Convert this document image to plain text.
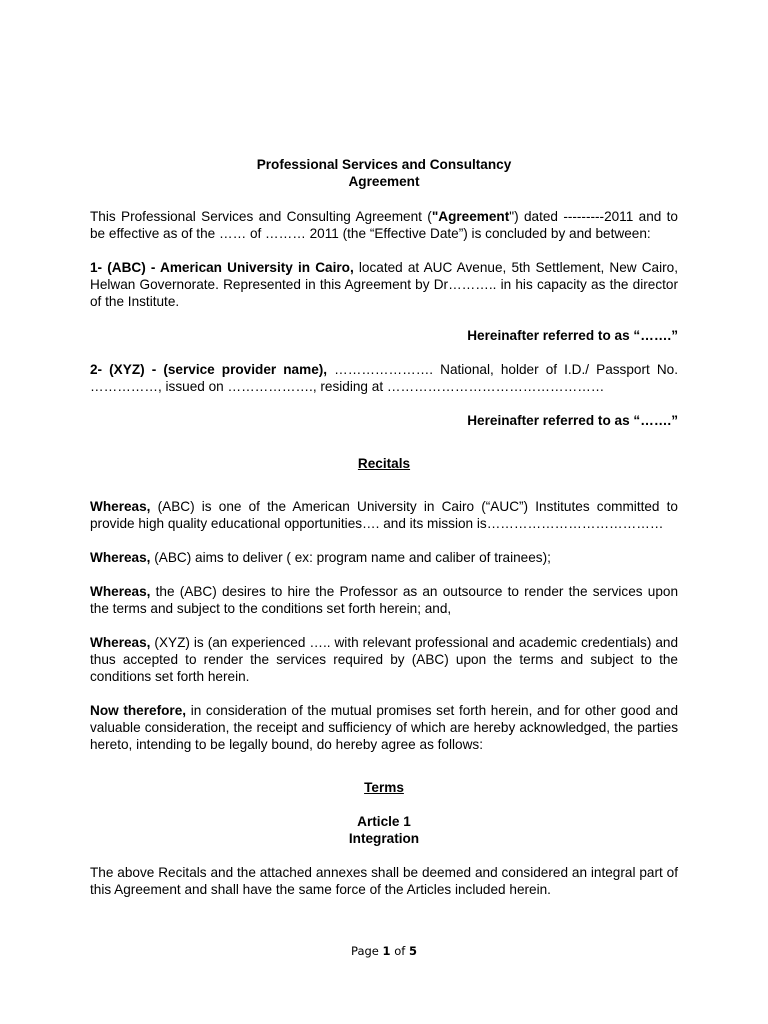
Professional Services and Consultancy
Agreement

This Professional Services and Consulting Agreement ("Agreement") dated ---------2011 and to be effective as of the …… of ……… 2011 (the “Effective Date”) is concluded by and between:

1- (ABC) - American University in Cairo, located at AUC Avenue, 5th Settlement, New Cairo, Helwan Governorate. Represented in this Agreement by Dr……….. in his capacity as the director of the Institute.

Hereinafter referred to as “…….”

2- (XYZ) - (service provider name), …………………. National, holder of I.D./ Passport No. ……………, issued on ………………., residing at …………………………………………

Hereinafter referred to as “…….”

Recitals

Whereas, (ABC) is one of the American University in Cairo (“AUC”) Institutes committed to provide high quality educational opportunities…. and its mission is…………………………………

Whereas, (ABC) aims to deliver ( ex: program name and caliber of trainees);

Whereas, the (ABC) desires to hire the Professor as an outsource to render the services upon the terms and subject to the conditions set forth herein; and,

Whereas, (XYZ) is (an experienced ….. with relevant professional and academic credentials) and thus accepted to render the services required by (ABC) upon the terms and subject to the conditions set forth herein.

Now therefore, in consideration of the mutual promises set forth herein, and for other good and valuable consideration, the receipt and sufficiency of which are hereby acknowledged, the parties hereto, intending to be legally bound, do hereby agree as follows:

Terms

Article 1

Integration

The above Recitals and the attached annexes shall be deemed and considered an integral part of this Agreement and shall have the same force of the Articles included herein.

Page 1 of 5
